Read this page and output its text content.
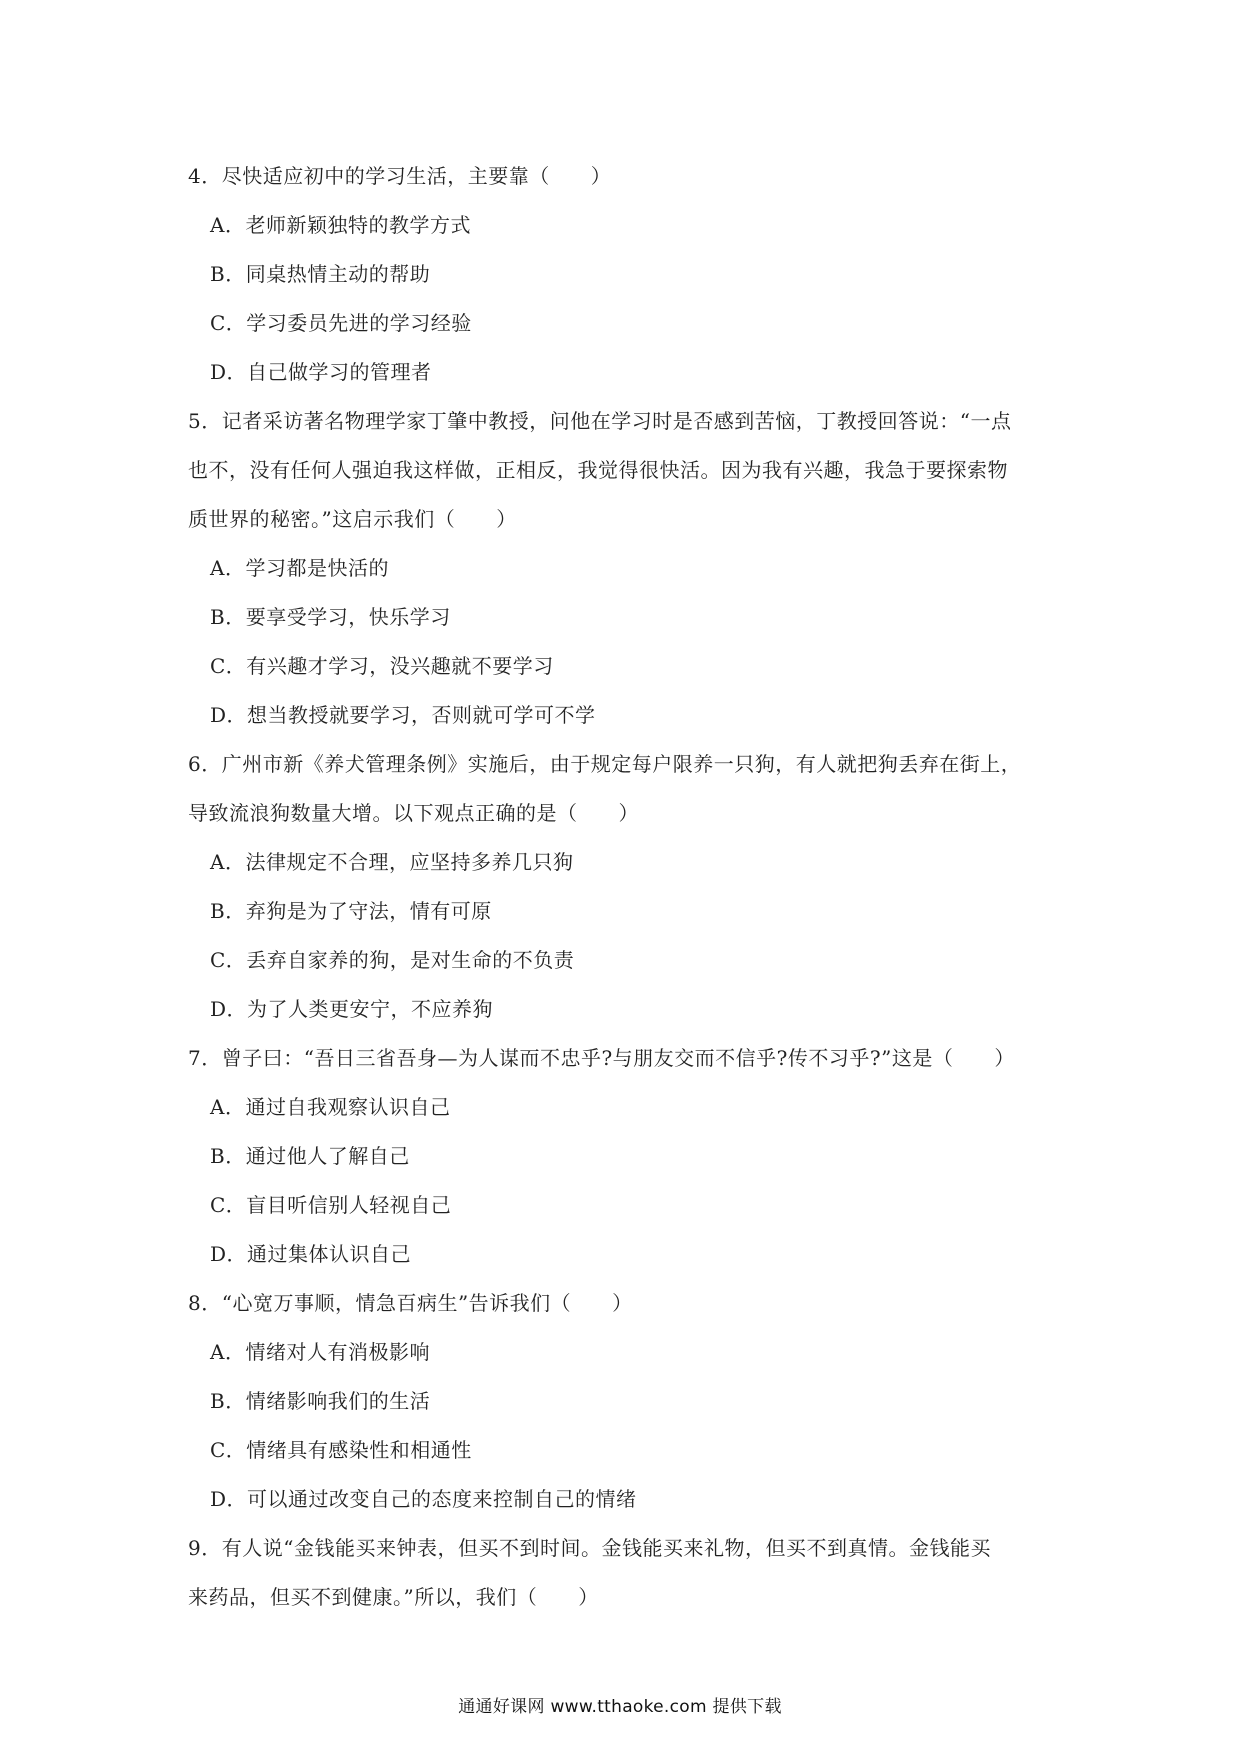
4．尽快适应初中的学习生活，主要靠（　　）

A．老师新颖独特的教学方式

B．同桌热情主动的帮助

C．学习委员先进的学习经验

D．自己做学习的管理者

5．记者采访著名物理学家丁肇中教授，问他在学习时是否感到苦恼，丁教授回答说：“一点
也不，没有任何人强迫我这样做，正相反，我觉得很快活。因为我有兴趣，我急于要探索物
质世界的秘密。”这启示我们（　　）

A．学习都是快活的

B．要享受学习，快乐学习

C．有兴趣才学习，没兴趣就不要学习

D．想当教授就要学习，否则就可学可不学

6．广州市新《养犬管理条例》实施后，由于规定每户限养一只狗，有人就把狗丢弃在街上，
导致流浪狗数量大增。以下观点正确的是（　　）

A．法律规定不合理，应坚持多养几只狗

B．弃狗是为了守法，情有可原

C．丢弃自家养的狗，是对生命的不负责

D．为了人类更安宁，不应养狗

7．曾子曰：“吾日三省吾身—为人谋而不忠乎?与朋友交而不信乎?传不习乎?”这是（　　）

A．通过自我观察认识自己

B．通过他人了解自己

C．盲目听信别人轻视自己

D．通过集体认识自己

8．“心宽万事顺，情急百病生”告诉我们（　　）

A．情绪对人有消极影响

B．情绪影响我们的生活

C．情绪具有感染性和相通性

D．可以通过改变自己的态度来控制自己的情绪

9．有人说“金钱能买来钟表，但买不到时间。金钱能买来礼物，但买不到真情。金钱能买
来药品，但买不到健康。”所以，我们（　　）

通通好课网 www.tthaoke.com 提供下载
